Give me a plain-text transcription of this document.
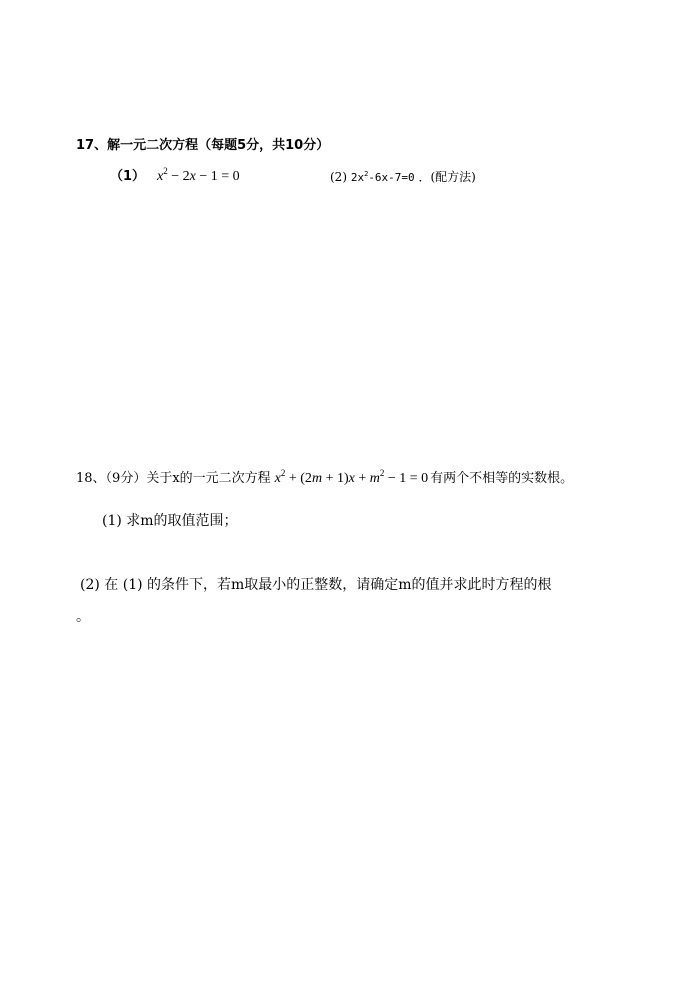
17、解一元二次方程（每题5分，共10分）
（1） $x^2 - 2x - 1 = 0$	(2) $2x^2-6x-7=0$ ．(配方法)
18、（9分）关于x的一元二次方程 $x^2 + (2m + 1)x + m^2 - 1 = 0$ 有两个不相等的实数根。
(1) 求m的取值范围；
(2) 在 (1) 的条件下，若m取最小的正整数，请确定m的值并求此时方程的根
。
